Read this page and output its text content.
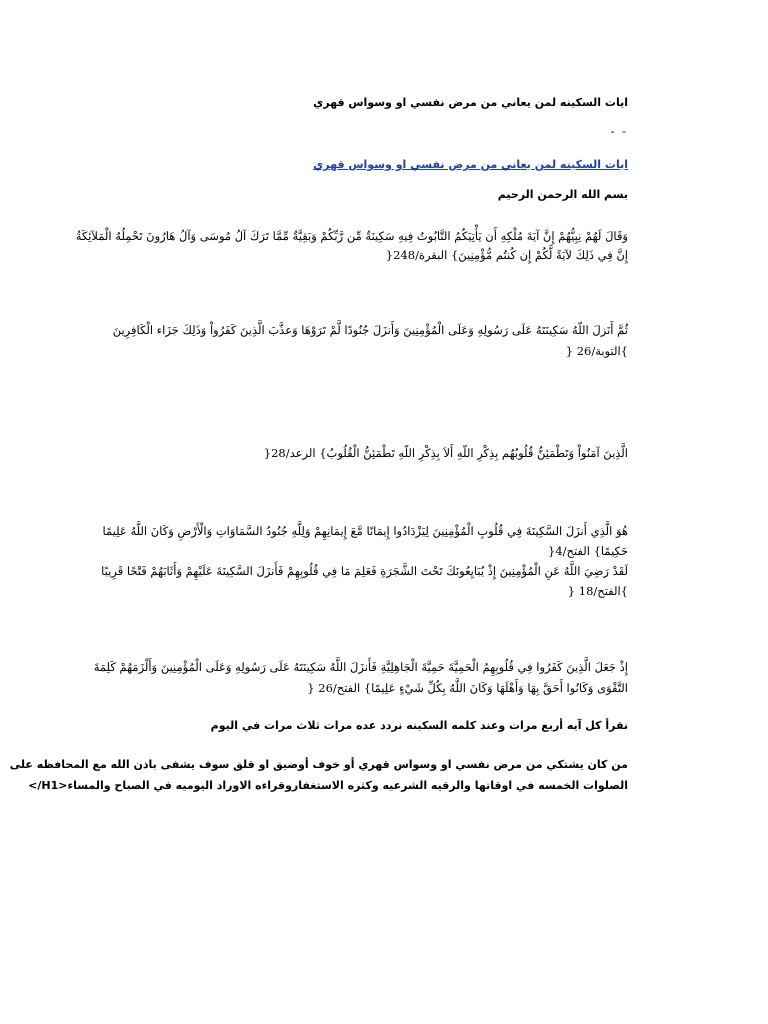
ايات السكينه لمن يعاني من مرض نفسي او وسواس قهري
- -
ايات السكينه لمن يعاني من مرض نفسي او وسواس قهري
بسم الله الرحمن الرحيم
وَقَالَ لَهُمْ نِبِيُّهُمْ إِنَّ آيَةَ مُلْكِهِ أَن يَأْتِيَكُمُ التَّابُوتُ فِيهِ سَكِينَةٌ مِّن رَّبِّكُمْ وَبَقِيَّةٌ مِّمَّا تَرَكَ آلُ مُوسَى وَآلُ هَارُونَ تَحْمِلُهُ الْمَلآئِكَةُ
إِنَّ فِي ذَلِكَ لآيَةً لَّكُمْ إِن كُنتُم مُّؤْمِنِينَ} البقرة/248{
ثُمَّ أَنَزلَ اللّهُ سَكِينَتَهُ عَلَى رَسُولِهِ وَعَلَى الْمُؤْمِنِينَ وَأَنزَلَ جُنُودًا لَّمْ تَرَوْهَا وَعذَّبَ الَّذِينَ كَفَرُواْ وَذَلِكَ جَزَاء الْكَافِرِينَ
}التوبة/26 {
الَّذِينَ آمَنُواْ وَتَطْمَئِنُّ قُلُوبُهُم بِذِكْرِ اللّهِ أَلاَ بِذِكْرِ اللّهِ تَطْمَئِنُّ الْقُلُوبُ} الرعد/28{
هُوَ الَّذِي أَنزَلَ السَّكِينَةَ فِي قُلُوبِ الْمُؤْمِنِينَ لِيَزْدَادُوا إِيمَانًا مَّعَ إِيمَانِهِمْ وَلِلَّهِ جُنُودُ السَّمَاوَاتِ وَالْأَرْضِ وَكَانَ اللَّهُ عَلِيمًا
حَكِيمًا} الفتح/4{
لَقَدْ رَضِيَ اللَّهُ عَنِ الْمُؤْمِنِينَ إِذْ يُبَايِعُونَكَ تَحْتَ الشَّجَرَةِ فَعَلِمَ مَا فِي قُلُوبِهِمْ فَأَنزَلَ السَّكِينَةَ عَلَيْهِمْ وَأَثَابَهُمْ فَتْحًا قَرِيبًا
}الفتح/18 {
إِذْ جَعَلَ الَّذِينَ كَفَرُوا فِي قُلُوبِهِمُ الْحَمِيَّةَ حَمِيَّةَ الْجَاهِلِيَّةِ فَأَنزَلَ اللَّهُ سَكِينَتَهُ عَلَى رَسُولِهِ وَعَلَى الْمُؤْمِنِينَ وَأَلْزَمَهُمْ كَلِمَةَ
التَّقْوَى وَكَانُوا أَحَقَّ بِهَا وَأَهْلَهَا وَكَانَ اللَّهُ بِكُلِّ شَيْءٍ عَلِيمًا} الفتح/26 {
نقرأ كل آيه أربع مرات وعند كلمه السكينه نردد عده مرات ثلاث مرات في اليوم
من كان يشتكي من مرض نفسي او وسواس قهري أو خوف أوضيق او قلق سوف يشفى باذن الله مع المحافظه على
الصلوات الخمسه في اوقاتها والرقيه الشرعيه وكثره الاستغفاروقراءه الاوراد اليوميه في الصباح والمساء<H1/>
